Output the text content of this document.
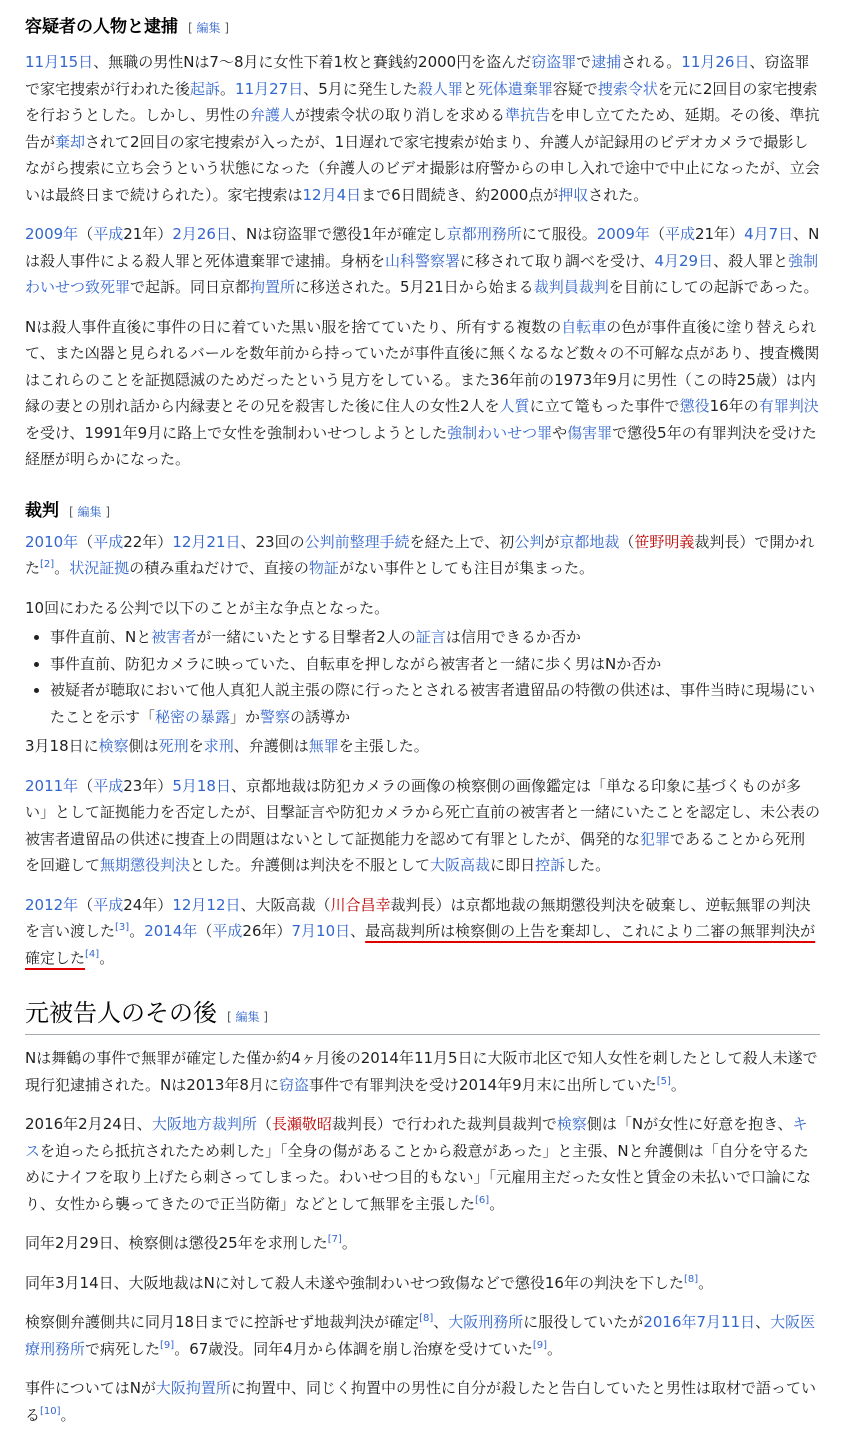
容疑者の人物と逮捕 [ 編集 ]

11月15日、無職の男性Nは7〜8月に女性下着1枚と賽銭約2000円を盗んだ窃盗罪で逮捕される。11月26日、窃盗罪で家宅捜索が行われた後起訴。11月27日、5月に発生した殺人罪と死体遺棄罪容疑で捜索令状を元に2回目の家宅捜索を行おうとした。しかし、男性の弁護人が捜索令状の取り消しを求める準抗告を申し立てたため、延期。その後、準抗告が棄却されて2回目の家宅捜索が入ったが、1日遅れで家宅捜索が始まり、弁護人が記録用のビデオカメラで撮影しながら捜索に立ち会うという状態になった（弁護人のビデオ撮影は府警からの申し入れで途中で中止になったが、立会いは最終日まで続けられた）。家宅捜索は12月4日まで6日間続き、約2000点が押収された。

2009年（平成21年）2月26日、Nは窃盗罪で懲役1年が確定し京都刑務所にて服役。2009年（平成21年）4月7日、Nは殺人事件による殺人罪と死体遺棄罪で逮捕。身柄を山科警察署に移されて取り調べを受け、4月29日、殺人罪と強制わいせつ致死罪で起訴。同日京都拘置所に移送された。5月21日から始まる裁判員裁判を目前にしての起訴であった。

Nは殺人事件直後に事件の日に着ていた黒い服を捨てていたり、所有する複数の自転車の色が事件直後に塗り替えられて、また凶器と見られるバールを数年前から持っていたが事件直後に無くなるなど数々の不可解な点があり、捜査機関はこれらのことを証拠隠滅のためだったという見方をしている。また36年前の1973年9月に男性（この時25歳）は内縁の妻との別れ話から内縁妻とその兄を殺害した後に住人の女性2人を人質に立て篭もった事件で懲役16年の有罪判決を受け、1991年9月に路上で女性を強制わいせつしようとした強制わいせつ罪や傷害罪で懲役5年の有罪判決を受けた経歴が明らかになった。

裁判 [ 編集 ]

2010年（平成22年）12月21日、23回の公判前整理手続を経た上で、初公判が京都地裁（笹野明義裁判長）で開かれた[2]。状況証拠の積み重ねだけで、直接の物証がない事件としても注目が集まった。

10回にわたる公判で以下のことが主な争点となった。

• 事件直前、Nと被害者が一緒にいたとする目撃者2人の証言は信用できるか否か
• 事件直前、防犯カメラに映っていた、自転車を押しながら被害者と一緒に歩く男はNか否か
• 被疑者が聴取において他人真犯人説主張の際に行ったとされる被害者遺留品の特徴の供述は、事件当時に現場にいたことを示す「秘密の暴露」か警察の誘導か

3月18日に検察側は死刑を求刑、弁護側は無罪を主張した。

2011年（平成23年）5月18日、京都地裁は防犯カメラの画像の検察側の画像鑑定は「単なる印象に基づくものが多い」として証拠能力を否定したが、目撃証言や防犯カメラから死亡直前の被害者と一緒にいたことを認定し、未公表の被害者遺留品の供述に捜査上の問題はないとして証拠能力を認めて有罪としたが、偶発的な犯罪であることから死刑を回避して無期懲役判決とした。弁護側は判決を不服として大阪高裁に即日控訴した。

2012年（平成24年）12月12日、大阪高裁（川合昌幸裁判長）は京都地裁の無期懲役判決を破棄し、逆転無罪の判決を言い渡した[3]。2014年（平成26年）7月10日、最高裁判所は検察側の上告を棄却し、これにより二審の無罪判決が確定した[4]。

元被告人のその後 [ 編集 ]

Nは舞鶴の事件で無罪が確定した僅か約4ヶ月後の2014年11月5日に大阪市北区で知人女性を刺したとして殺人未遂で現行犯逮捕された。Nは2013年8月に窃盗事件で有罪判決を受け2014年9月末に出所していた[5]。

2016年2月24日、大阪地方裁判所（長瀬敬昭裁判長）で行われた裁判員裁判で検察側は「Nが女性に好意を抱き、キスを迫ったら抵抗されたため刺した」「全身の傷があることから殺意があった」と主張、Nと弁護側は「自分を守るためにナイフを取り上げたら刺さってしまった。わいせつ目的もない」「元雇用主だった女性と賃金の未払いで口論になり、女性から襲ってきたので正当防衛」などとして無罪を主張した[6]。

同年2月29日、検察側は懲役25年を求刑した[7]。

同年3月14日、大阪地裁はNに対して殺人未遂や強制わいせつ致傷などで懲役16年の判決を下した[8]。

検察側弁護側共に同月18日までに控訴せず地裁判決が確定[8]、大阪刑務所に服役していたが2016年7月11日、大阪医療刑務所で病死した[9]。67歳没。同年4月から体調を崩し治療を受けていた[9]。

事件についてはNが大阪拘置所に拘置中、同じく拘置中の男性に自分が殺したと告白していたと男性は取材で語っている[10]。
